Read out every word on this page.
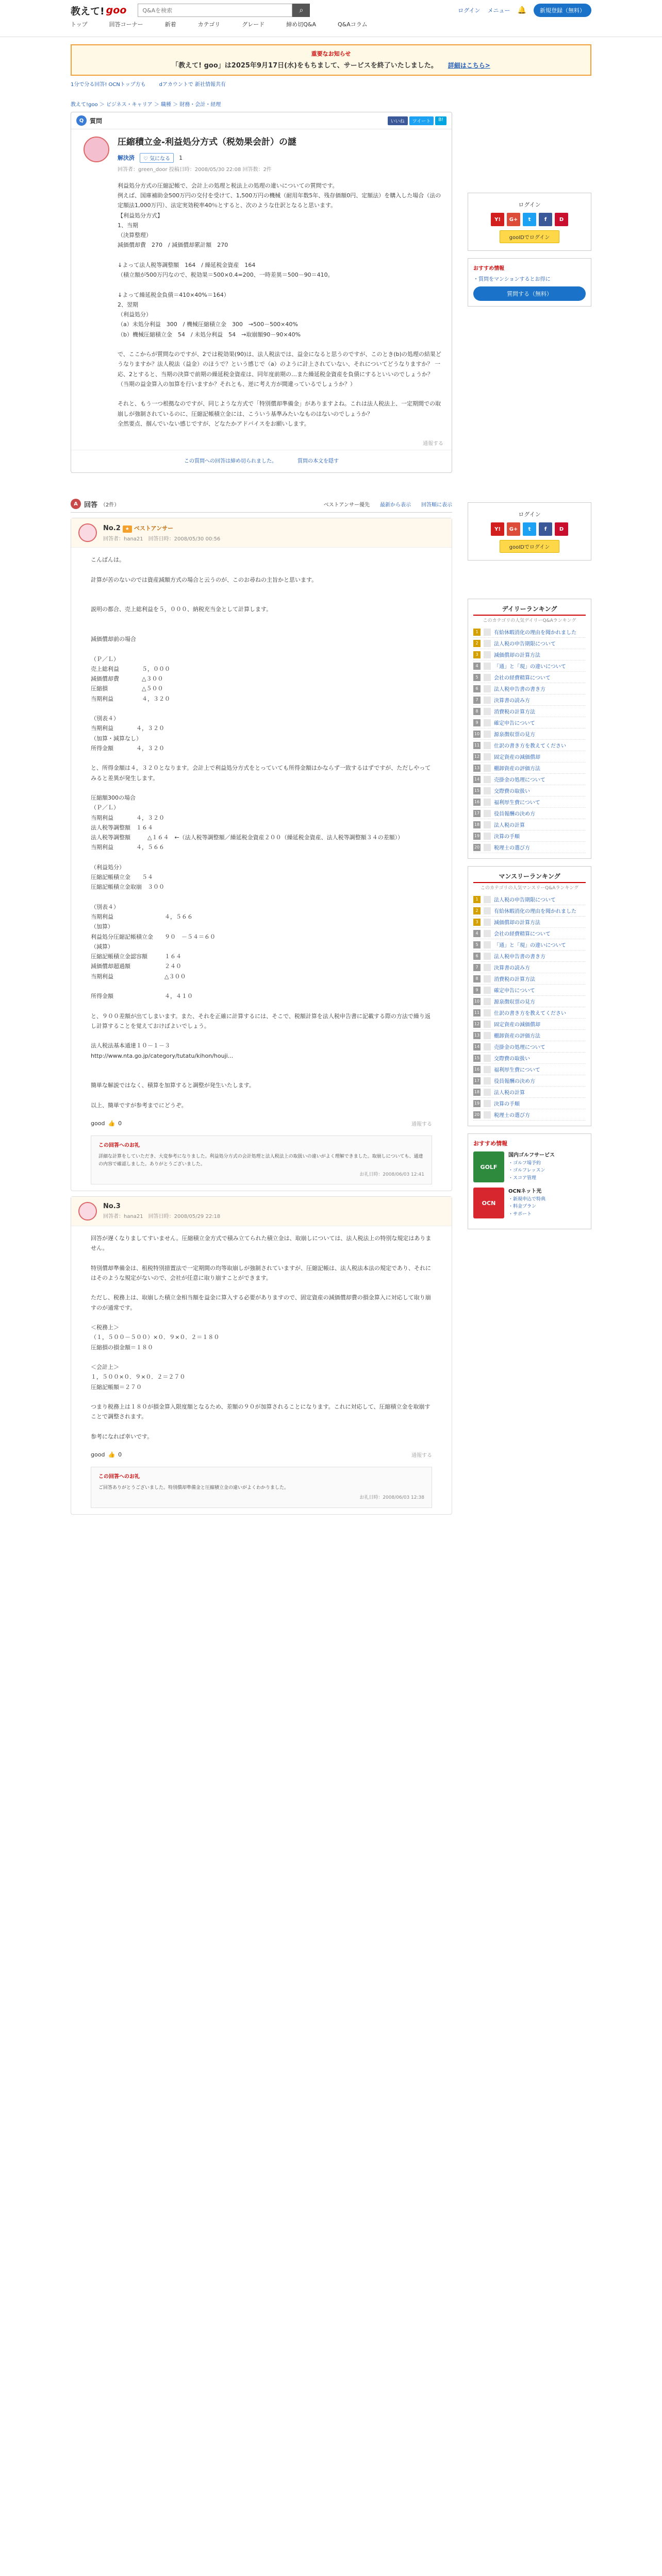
教えて! goo
Q&Aを検索	⌕	ログイン メニュー 🔔	新規登録（無料）
トップ	回答コーナー	新着	カテゴリ	グレード	締め切Q&A	Q&Aコラム
重要なお知らせ
「教えて! goo」は2025年9月17日(水)をもちまして、サービスを終了いたしました。 詳細はこちら>
1分で分る回答! OCNトップ方も	dアカウントで 新社情報共有
教えて!goo ＞ ビジネス・キャリア ＞ 職種 ＞ 財務・会計・経理
Q 質問	いいね	ツイート	B!
圧縮積立金-利益処分方式（税効果会計）の謎
解決済	♡ 気になる	1
回答者：green_door 投稿日時：2008/05/30 22:08 回答数：2件
利益処分方式の圧縮記帳で、会計上の処理と税法上の処理の違いについての質問です。
例えば、国庫補助金500万円の交付を受けて、1,500万円の機械（耐用年数5年、残存価額0円、定額法）を購入した場合（法の定額法1,000万円）、法定実効税率40％とすると、次のような仕訳となると思います。
【利益処分方式】
1、当期
（決算整理）
減価償却費　270　/ 減価償却累計額　270　

↓よって法人税等調整額　164　/ 繰延税金資産　164
（積立額が500万円なので、税効果＝500×0.4=200、一時差異＝500－90＝410。

↓よって繰延税金負債＝410×40%＝164）
2、翌期
（利益処分）
（a）未処分利益　300　/ 機械圧縮積立金　300　→500－500×40%
（b）機械圧縮積立金　54　/ 未処分利益　54　→取崩額90－90×40%

で、ここからが質問なのですが、2では税効果(90)は、法人税法では、益金になると思うのですが、このとき(b)の処理の結果どうなりますか？法人税法（益金）のほうで？という感じで（a）のように計上されていない、それについてどうなりますか？ 一応、2とすると、当期の決算で前期の繰延税金資産は、同年度前期の…また繰延税金資産を負債にするといいのでしょうか？（当期の益金算入の加算を行いますか？それとも、逆に考え方が間違っているでしょうか？）

それと、もう一つ根拠なのですが、同じような方式で「特別償却準備金」がありますよね。これは法人税法上、一定期間での取崩しが強制されているのに、圧縮記帳積立金には、こういう基準みたいなものはないのでしょうか？
全然要点、掴んでいない感じですが、どなたかアドバイスをお願いします。
通報する
この質問への回答は締め切られました。	質問の本文を隠す
A 回答 （2件）	ベストアンサー優先 最新から表示 回答順に表示
No.2 ★ ベストアンサー
回答者：hana21　回答日時：2008/05/30 00:56
こんばんは。

計算が苦のないのでは資産減額方式の場合と云うのが、このお尋ねの主旨かと思います。

説明の都合、売上総利益を５，０００、納税充当金として計算します。

減価償却前の場合

（Ｐ／Ｌ）
売上総利益　　　　５，０００
減価償却費　　　　△３００
圧縮損　　　　　　△５００
当期利益　　　　　４，３２０

（別表４）
当期利益　　　　４，３２０
（加算・減算なし）
所得金額　　　　４，３２０

と、所得金額は４，３２０となります。会計上で利益処分方式をとっていても所得金額はかならず一致するはずですが、ただしやってみると差異が発生します。

圧縮額300の場合
（Ｐ／Ｌ）
当期利益　　　　４，３２０
法人税等調整額　１６４
法人税等調整額　　　△１６４　←（法人税等調整額／繰延税金資産２００（繰延税金資産、法人税等調整額３４の差額））
当期利益　　　　４，５６６

（利益処分）
圧縮記帳積立金　　５４
圧縮記帳積立金取崩　３００

（別表４）
当期利益　　　　　　　　　４，５６６
（加算）
利益処分圧縮記帳積立金　　９０　－５４＝６０
（減算）
圧縮記帳積立金認容額　　　１６４
減価償却超過額　　　　　　２４０
当期利益　　　　　　　　　△３００

所得金額　　　　　　　　　４，４１０

と、９００差額が出てしまいます。また、それを正確に計算するには、そこで、税額計算を法人税申告書に記載する際の方法で繰り返し計算することを覚えておけばよいでしょう。

法人税法基本通達１０－１－３
http://www.nta.go.jp/category/tutatu/kihon/houji...

簡単な解説ではなく、積算を加算すると調整が発生いたします。

以上、簡単ですが参考までにどうぞ。
good 👍 0	通報する
この回答へのお礼
詳細な計算をしていただき、大変参考になりました。利益処分方式の会計処理と法人税法上の取扱いの違いがよく理解できました。取崩しについても、通達の内容で確認しました。ありがとうございました。
お礼日時：2008/06/03 12:41
No.3
回答者：hana21　回答日時：2008/05/29 22:18
回答が遅くなりましてすいません。圧縮積立金方式で積み立てられた積立金は、取崩しについては、法人税法上の特別な規定はありません。

特別償却準備金は、租税特別措置法で一定期間の均等取崩しが強制されていますが、圧縮記帳は、法人税法本法の規定であり、それにはそのような規定がないので、会社が任意に取り崩すことができます。

ただし、税務上は、取崩した積立金相当額を益金に算入する必要がありますので、固定資産の減価償却費の損金算入に対応して取り崩すのが通常です。

＜税務上＞
（１，５００－５００）×０．９×０．２＝１８０
圧縮損の損金額＝１８０

＜会計上＞
１，５００×０．９×０．２＝２７０
圧縮記帳額＝２７０

つまり税務上は１８０が損金算入限度額となるため、差額の９０が加算されることになります。これに対応して、圧縮積立金を取崩すことで調整されます。

参考になれば幸いです。
good 👍 0	通報する
この回答へのお礼
ご回答ありがとうございました。特別償却準備金と圧縮積立金の違いがよくわかりました。
お礼日時：2008/06/03 12:38
ログイン
Y!	G+	t	f	D
gooIDでログイン
おすすめ情報
・質問をマンションするとお得に
質問する（無料）
ログイン
Y!	G+	t	f	D
gooIDでログイン
デイリーランキング
このカテゴリの人気デイリーQ&Aランキング
1	有給休暇消化の理由を聞かれました
2	法人税の申告期限について
3	減価償却の計算方法
4	「通」と「現」の違いについて
5	会社の経費精算について
6	法人税申告書の書き方
7	決算書の読み方
8	消費税の計算方法
9	確定申告について
10	源泉徴収票の見方
11	仕訳の書き方を教えてください
12	固定資産の減価償却
13	棚卸資産の評価方法
14	売掛金の処理について
15	交際費の取扱い
16	福利厚生費について
17	役員報酬の決め方
18	法人税の計算
19	決算の手順
20	税理士の選び方
マンスリーランキング
このカテゴリの人気マンスリーQ&Aランキング
1	法人税の申告期限について
2	有給休暇消化の理由を聞かれました
3	減価償却の計算方法
4	会社の経費精算について
5	「通」と「現」の違いについて
6	法人税申告書の書き方
7	決算書の読み方
8	消費税の計算方法
9	確定申告について
10	源泉徴収票の見方
11	仕訳の書き方を教えてください
12	固定資産の減価償却
13	棚卸資産の評価方法
14	売掛金の処理について
15	交際費の取扱い
16	福利厚生費について
17	役員報酬の決め方
18	法人税の計算
19	決算の手順
20	税理士の選び方
おすすめ情報
GOLF
国内ゴルフサービス
・ゴルフ場予約
・ゴルフレッスン
・スコア管理
OCN
OCNネット光
・新規申込で特典
・料金プラン
・サポート
